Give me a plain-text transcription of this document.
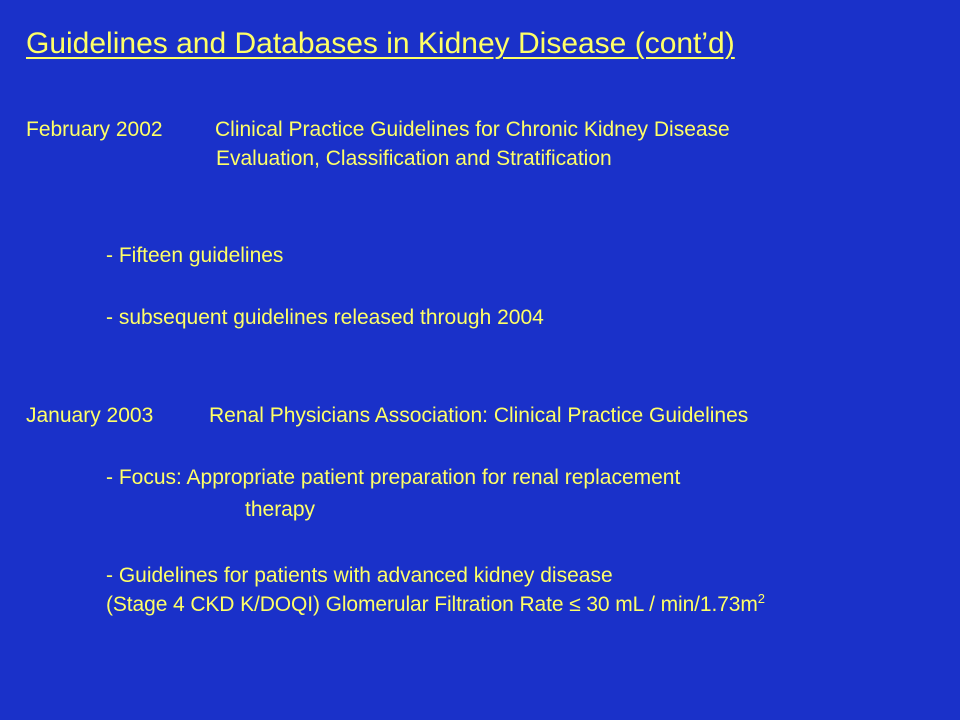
Guidelines and Databases in Kidney Disease (cont’d)
February 2002 Clinical Practice Guidelines for Chronic Kidney Disease
Evaluation, Classification and Stratification
- Fifteen guidelines
- subsequent guidelines released through 2004
January 2003	Renal Physicians Association: Clinical Practice Guidelines
- Focus: Appropriate patient preparation for renal replacement
therapy
- Guidelines for patients with advanced kidney disease
(Stage 4 CKD K/DOQI) Glomerular Filtration Rate ≤ 30 mL / $\min/1.73m^2$
